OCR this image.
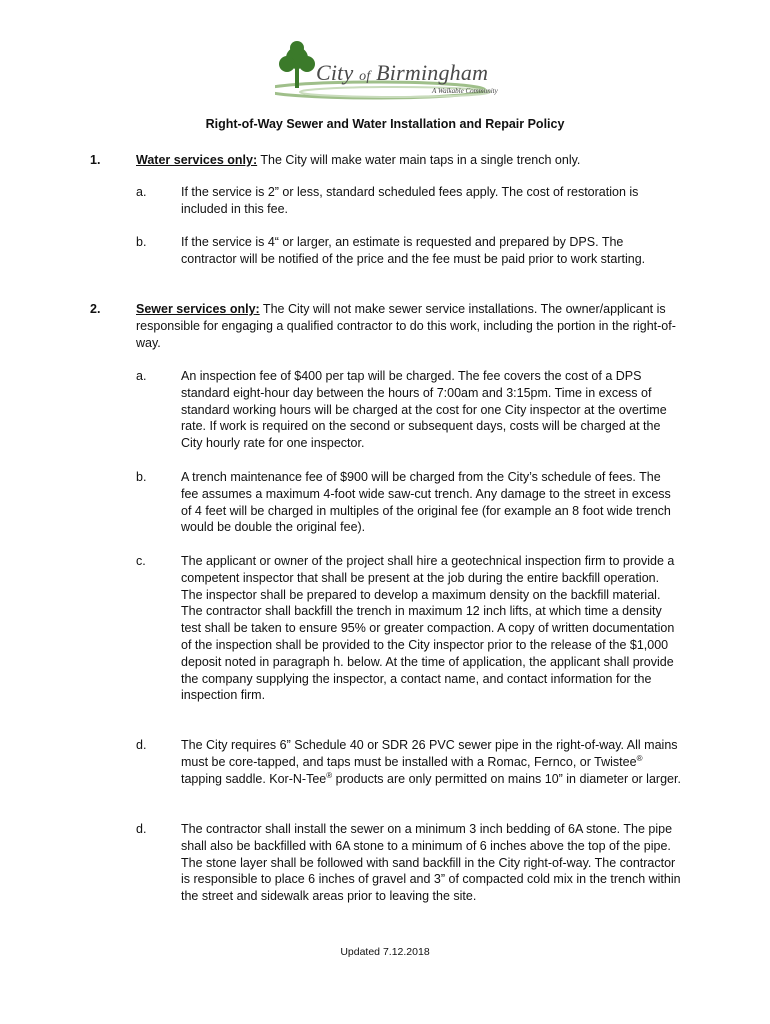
City of Birmingham
A Walkable Community
Right-of-Way Sewer and Water Installation and Repair Policy
1.	Water services only: The City will make water main taps in a single trench only.
a.	If the service is 2” or less, standard scheduled fees apply. The cost of restoration is included in this fee.
b.	If the service is 4“ or larger, an estimate is requested and prepared by DPS. The contractor will be notified of the price and the fee must be paid prior to work starting.
2.	Sewer services only: The City will not make sewer service installations. The owner/applicant is responsible for engaging a qualified contractor to do this work, including the portion in the right-of-way.
a.	An inspection fee of $400 per tap will be charged. The fee covers the cost of a DPS standard eight-hour day between the hours of 7:00am and 3:15pm. Time in excess of standard working hours will be charged at the cost for one City inspector at the overtime rate. If work is required on the second or subsequent days, costs will be charged at the City hourly rate for one inspector.
b.	A trench maintenance fee of $900 will be charged from the City’s schedule of fees. The fee assumes a maximum 4-foot wide saw-cut trench. Any damage to the street in excess of 4 feet will be charged in multiples of the original fee (for example an 8 foot wide trench would be double the original fee).
c.	The applicant or owner of the project shall hire a geotechnical inspection firm to provide a competent inspector that shall be present at the job during the entire backfill operation. The inspector shall be prepared to develop a maximum density on the backfill material. The contractor shall backfill the trench in maximum 12 inch lifts, at which time a density test shall be taken to ensure 95% or greater compaction. A copy of written documentation of the inspection shall be provided to the City inspector prior to the release of the $1,000 deposit noted in paragraph h. below. At the time of application, the applicant shall provide the company supplying the inspector, a contact name, and contact information for the inspection firm.
d.	The City requires 6” Schedule 40 or SDR 26 PVC sewer pipe in the right-of-way. All mains must be core-tapped, and taps must be installed with a Romac, Fernco, or Twistee® tapping saddle. Kor-N-Tee® products are only permitted on mains 10” in diameter or larger.
d.	The contractor shall install the sewer on a minimum 3 inch bedding of 6A stone. The pipe shall also be backfilled with 6A stone to a minimum of 6 inches above the top of the pipe. The stone layer shall be followed with sand backfill in the City right-of-way. The contractor is responsible to place 6 inches of gravel and 3” of compacted cold mix in the trench within the street and sidewalk areas prior to leaving the site.
Updated 7.12.2018
